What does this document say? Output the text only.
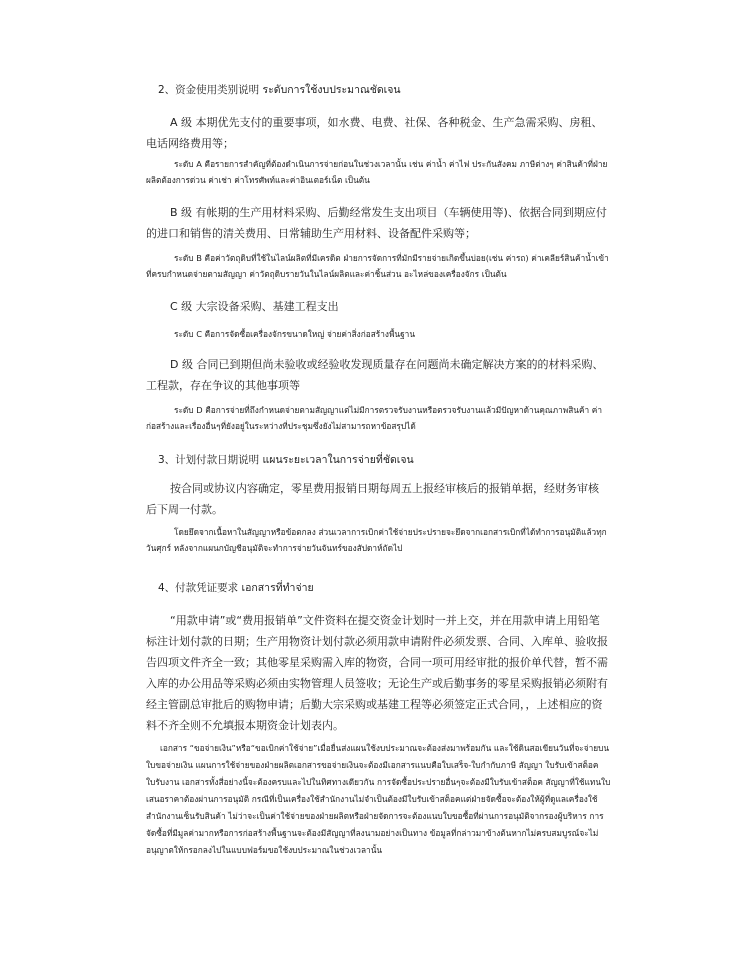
2、资金使用类别说明 ระดับการใช้งบประมาณชัดเจน

A 级 本期优先支付的重要事项，如水费、电费、社保、各种税金、生产急需采购、房租、电话网络费用等；

ระดับ A คือรายการสำคัญที่ต้องดำเนินการจ่ายก่อนในช่วงเวลานั้น เช่น ค่าน้ำ ค่าไฟ ประกันสังคม ภาษีต่างๆ ค่าสินค้าที่ฝ่ายผลิตต้องการด่วน ค่าเช่า ค่าโทรศัพท์และค่าอินเตอร์เน็ต เป็นต้น

B 级 有帐期的生产用材料采购、后勤经常发生支出项目（车辆使用等)、依据合同到期应付的进口和销售的清关费用、日常辅助生产用材料、设备配件采购等；

ระดับ B คือค่าวัตถุดิบที่ใช้ในไลน์ผลิตที่มีเครดิต ฝ่ายการจัดการที่มักมีรายจ่ายเกิดขึ้นบ่อย(เช่น ค่ารถ) ค่าเคลียร์สินค้าน้ำเข้าที่ครบกำหนดจ่ายตามสัญญา ค่าวัตถุดิบรายวันในไลน์ผลิตและค่าชิ้นส่วน อะไหล่ของเครื่องจักร เป็นต้น

C 级 大宗设备采购、基建工程支出

ระดับ C คือการจัดซื้อเครื่องจักรขนาดใหญ่ จ่ายค่าสิ่งก่อสร้างพื้นฐาน

D 级 合同已到期但尚未验收或经验收发现质量存在问题尚未确定解决方案的的材料采购、工程款，存在争议的其他事项等

ระดับ D คือการจ่ายที่ถึงกำหนดจ่ายตามสัญญาแต่ไม่มีการตรวจรับงานหรือตรวจรับงานแล้วมีปัญหาด้านคุณภาพสินค้า ค่าก่อสร้างและเรื่องอื่นๆที่ยังอยู่ในระหว่างที่ประชุมซึ่งยังไม่สามารถหาข้อสรุปได้

3、计划付款日期说明 แผนระยะเวลาในการจ่ายที่ชัดเจน

按合同或协议内容确定，零星费用报销日期每周五上报经审核后的报销单据，经财务审核后下周一付款。

โดยยึดจากเนื้อหาในสัญญาหรือข้อตกลง ส่วนเวลาการเบิกค่าใช้จ่ายประปรายจะยึดจากเอกสารเบิกที่ได้ทำการอนุมัติแล้วทุกวันศุกร์ หลังจากแผนกบัญชีอนุมัติจะทำการจ่ายวันจันทร์ของสัปดาห์ถัดไป

4、付款凭证要求 เอกสารที่ทำจ่าย

“用款申请”或“费用报销单”文件资料在提交资金计划时一并上交，并在用款申请上用铅笔标注计划付款的日期；生产用物资计划付款必须用款申请附件必须发票、合同、入库单、验收报告四项文件齐全一致；其他零星采购需入库的物资，合同一项可用经审批的报价单代替，暂不需入库的办公用品等采购必须由实物管理人员签收；无论生产或后勤事务的零星采购报销必须附有经主管副总审批后的购物申请；后勤大宗采购或基建工程等必须签定正式合同，，上述相应的资料不齐全则不允填报本期资金计划表内。

เอกสาร “ขอจ่ายเงิน”หรือ“ขอเบิกค่าใช้จ่าย”เมื่อยื่นส่งแผนใช้งบประมาณจะต้องส่งมาพร้อมกัน และใช้ดินสอเขียนวันที่จะจ่ายบนใบขอจ่ายเงิน แผนการใช้จ่ายของฝ่ายผลิตเอกสารขอจ่ายเงินจะต้องมีเอกสารแนบคือใบเสร็จ-ใบกำกับภาษี สัญญา ใบรับเข้าสต็อค ใบรับงาน เอกสารทั้งสี่อย่างนี้จะต้องครบและไปในทิศทางเดียวกัน การจัดซื้อประปรายอื่นๆจะต้องมีใบรับเข้าสต็อค สัญญาที่ใช้แทนใบเสนอราคาต้องผ่านการอนุมัติ กรณีที่เป็นเครื่องใช้สำนักงานไม่จำเป็นต้องมีใบรับเข้าสต็อคแต่ฝ่ายจัดซื้อจะต้องให้ผู้ที่ดูแลเครื่องใช้สำนักงานเซ็นรับสินค้า ไม่ว่าจะเป็นค่าใช้จ่ายของฝ่ายผลิตหรือฝ่ายจัดการจะต้องแนบใบขอซื้อที่ผ่านการอนุมัติจากรองผู้บริหาร การจัดซื้อที่มีมูลค่ามากหรือการก่อสร้างพื้นฐานจะต้องมีสัญญาที่ลงนามอย่างเป็นทาง ข้อมูลที่กล่าวมาข้างต้นหากไม่ครบสมบูรณ์จะไม่อนุญาตให้กรอกลงไปในแบบฟอร์มขอใช้งบประมาณในช่วงเวลานั้น
